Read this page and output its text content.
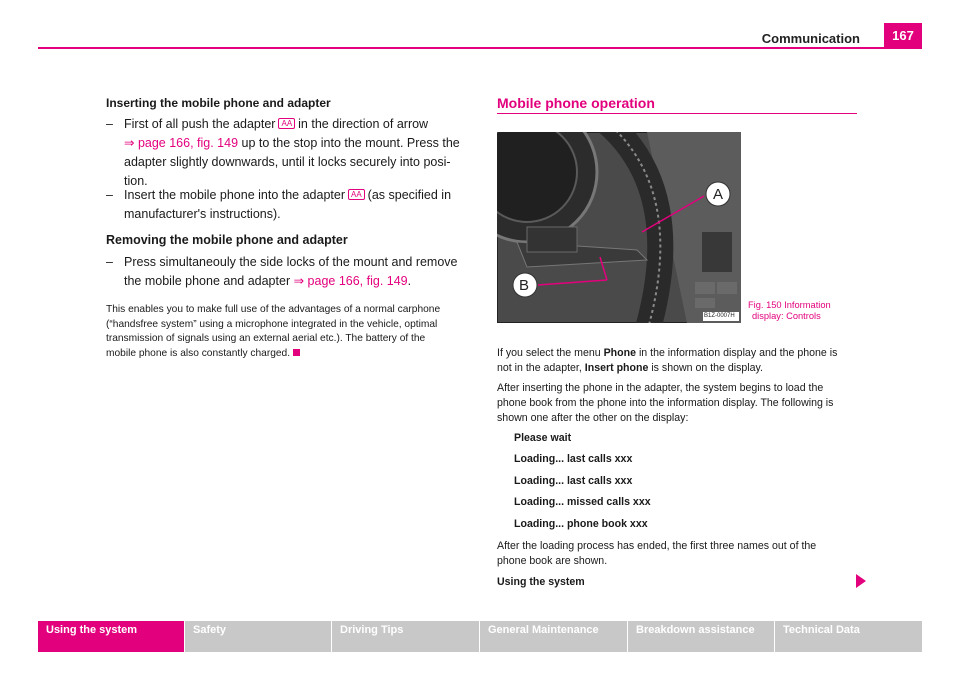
Communication	167
Inserting the mobile phone and adapter
– First of all push the adapter AA in the direction of arrow
⇒ page 166, fig. 149 up to the stop into the mount. Press the
adapter slightly downwards, until it locks securely into posi-
tion.
– Insert the mobile phone into the adapter AA (as specified in
manufacturer's instructions).
Removing the mobile phone and adapter
– Press simultaneouly the side locks of the mount and remove
the mobile phone and adapter ⇒ page 166, fig. 149.
This enables you to make full use of the advantages of a normal carphone
(“handsfree system” using a microphone integrated in the vehicle, optimal
transmission of signals using an external aerial etc.). The battery of the
mobile phone is also constantly charged.
Mobile phone operation
A
B
B1Z-0007H
Fig. 150 Information
display: Controls
If you select the menu Phone in the information display and the phone is
not in the adapter, Insert phone is shown on the display.
After inserting the phone in the adapter, the system begins to load the
phone book from the phone into the information display. The following is
shown one after the other on the display:
Please wait
Loading... last calls xxx
Loading... last calls xxx
Loading... missed calls xxx
Loading... phone book xxx
After the loading process has ended, the first three names out of the
phone book are shown.
Using the system
Using the system	Safety	Driving Tips	General Maintenance	Breakdown assistance	Technical Data
